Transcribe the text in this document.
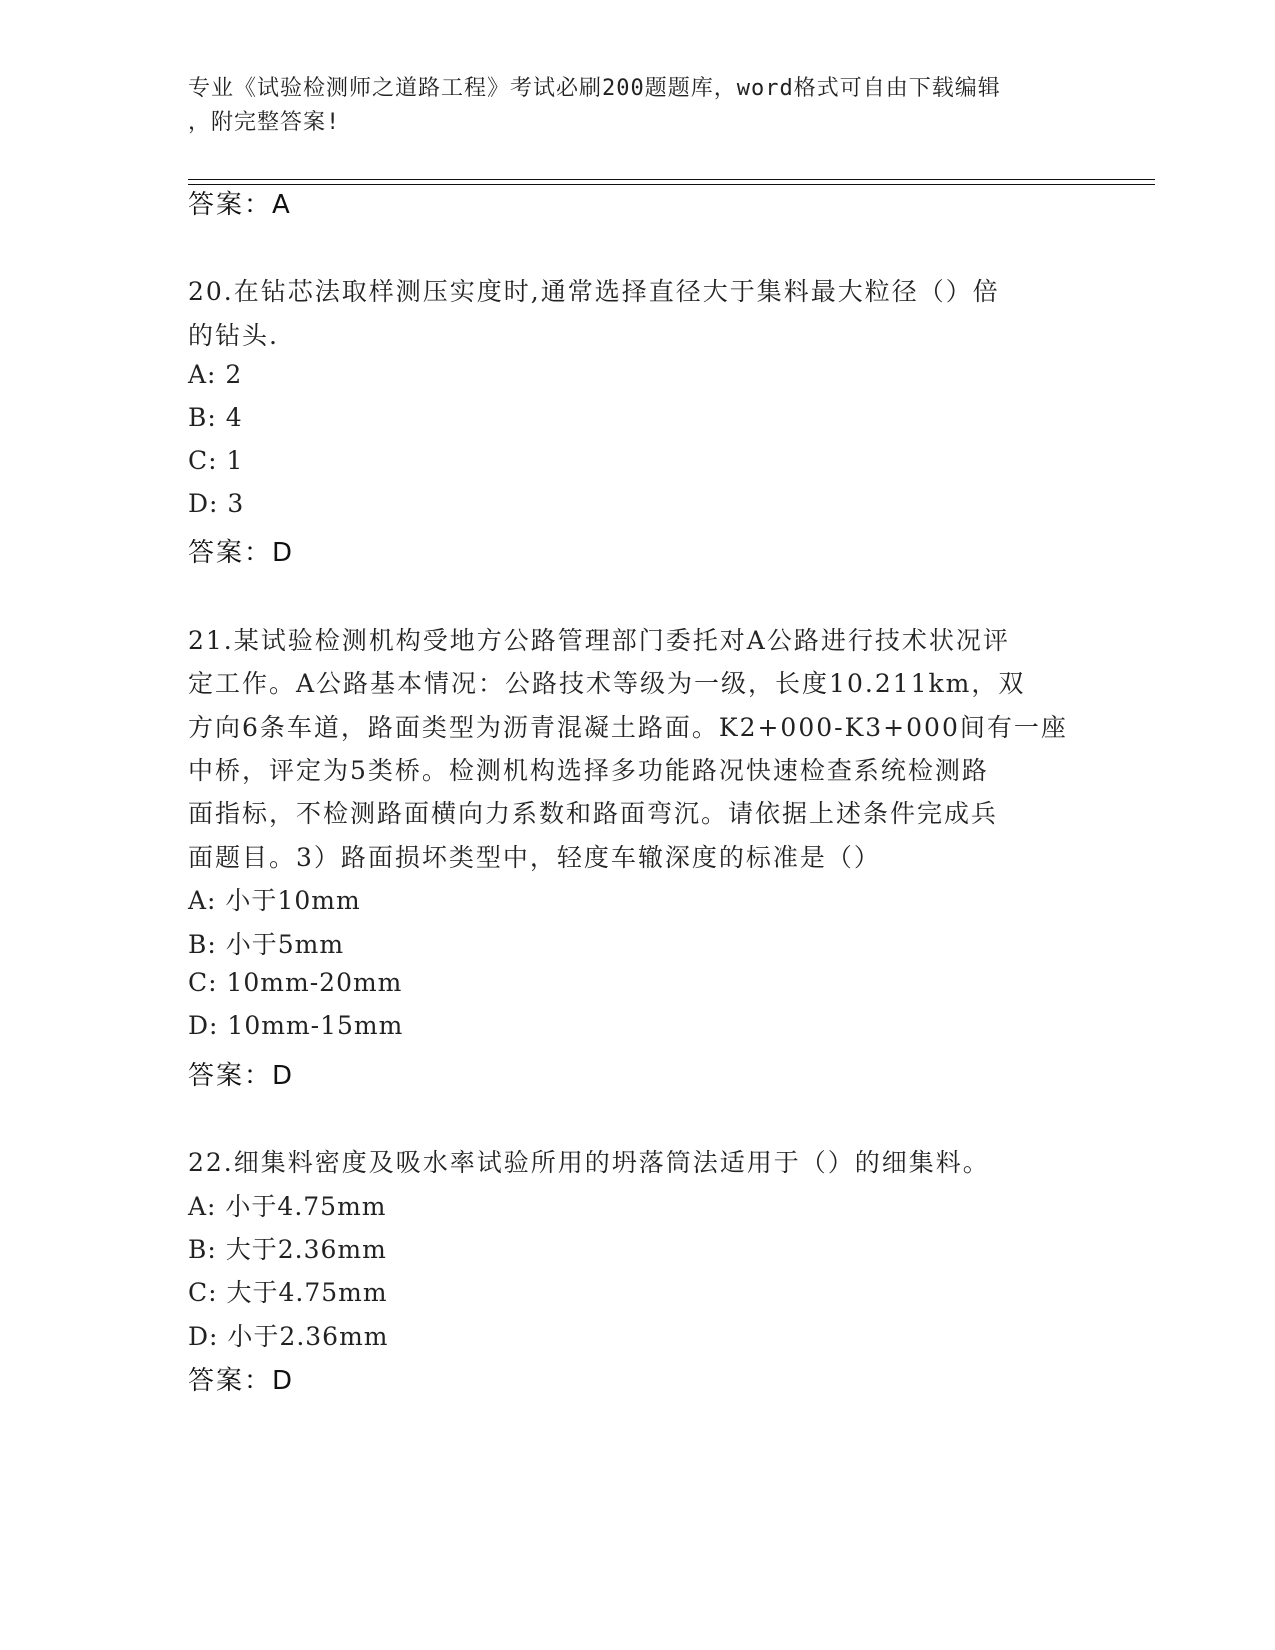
专业《试验检测师之道路工程》考试必刷200题题库，word格式可自由下载编辑
，附完整答案!
答案：A
20.在钻芯法取样测压实度时,通常选择直径大于集料最大粒径（）倍
的钻头.
A: 2
B: 4
C: 1
D: 3
答案：D
21.某试验检测机构受地方公路管理部门委托对A公路进行技术状况评
定工作。A公路基本情况：公路技术等级为一级，长度10.211km，双
方向6条车道，路面类型为沥青混凝土路面。K2+000-K3+000间有一座
中桥，评定为5类桥。检测机构选择多功能路况快速检查系统检测路
面指标，不检测路面横向力系数和路面弯沉。请依据上述条件完成兵
面题目。3）路面损坏类型中，轻度车辙深度的标准是（）
A: 小于10mm
B: 小于5mm
C: 10mm-20mm
D: 10mm-15mm
答案：D
22.细集料密度及吸水率试验所用的坍落筒法适用于（）的细集料。
A: 小于4.75mm
B: 大于2.36mm
C: 大于4.75mm
D: 小于2.36mm
答案：D
